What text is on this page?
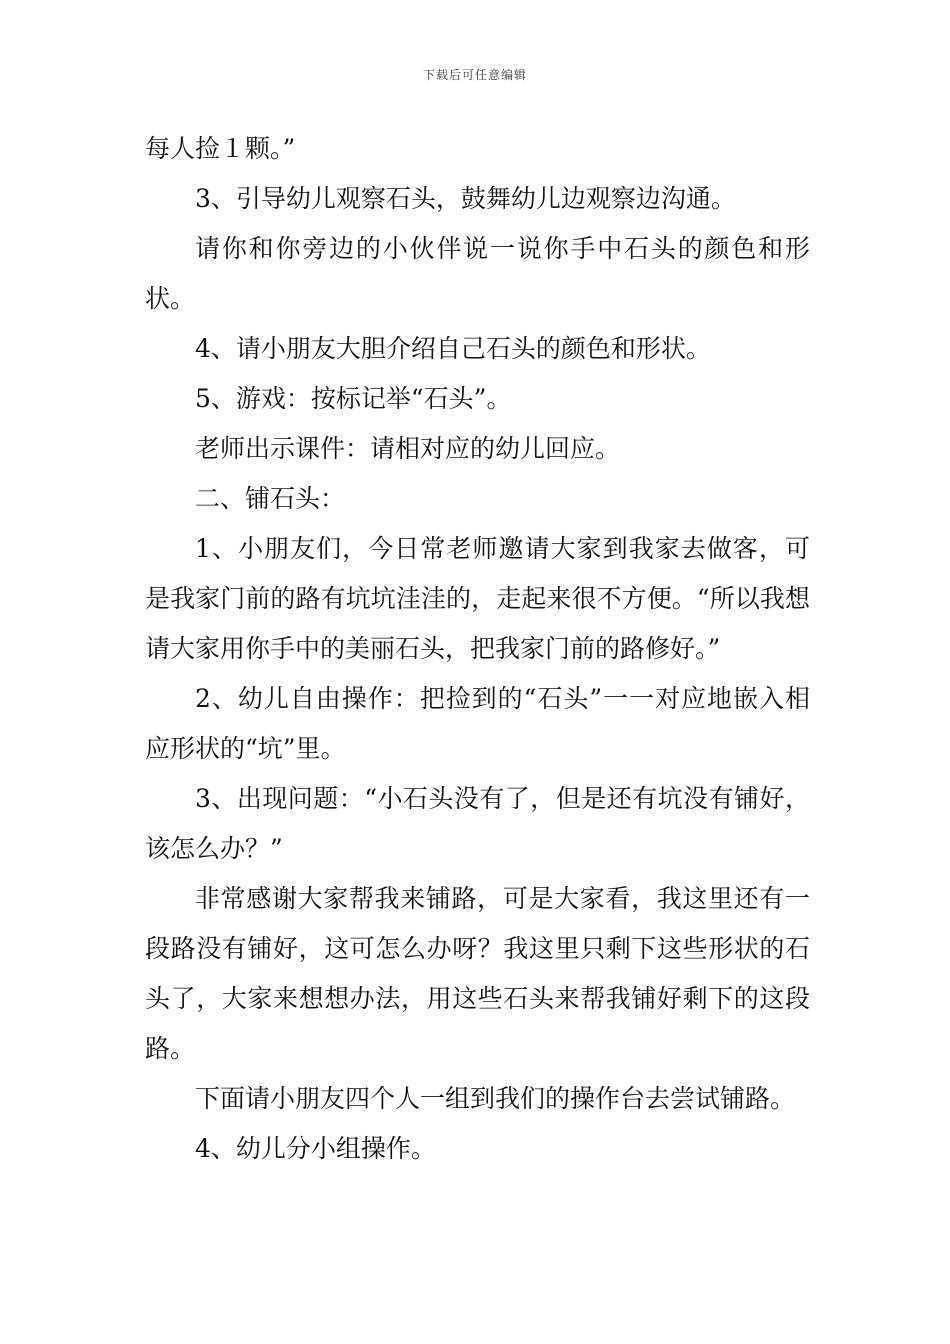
下载后可任意编辑

每人捡１颗。”

3、引导幼儿观察石头，鼓舞幼儿边观察边沟通。

请你和你旁边的小伙伴说一说你手中石头的颜色和形状。

4、请小朋友大胆介绍自己石头的颜色和形状。

5、游戏：按标记举“石头”。

老师出示课件：请相对应的幼儿回应。

二、铺石头：

1、小朋友们，今日常老师邀请大家到我家去做客，可是我家门前的路有坑坑洼洼的，走起来很不方便。“所以我想请大家用你手中的美丽石头，把我家门前的路修好。”

2、幼儿自由操作：把捡到的“石头”一一对应地嵌入相应形状的“坑”里。

3、出现问题：“小石头没有了，但是还有坑没有铺好，该怎么办？”

非常感谢大家帮我来铺路，可是大家看，我这里还有一段路没有铺好，这可怎么办呀？我这里只剩下这些形状的石头了，大家来想想办法，用这些石头来帮我铺好剩下的这段路。

下面请小朋友四个人一组到我们的操作台去尝试铺路。

4、幼儿分小组操作。
